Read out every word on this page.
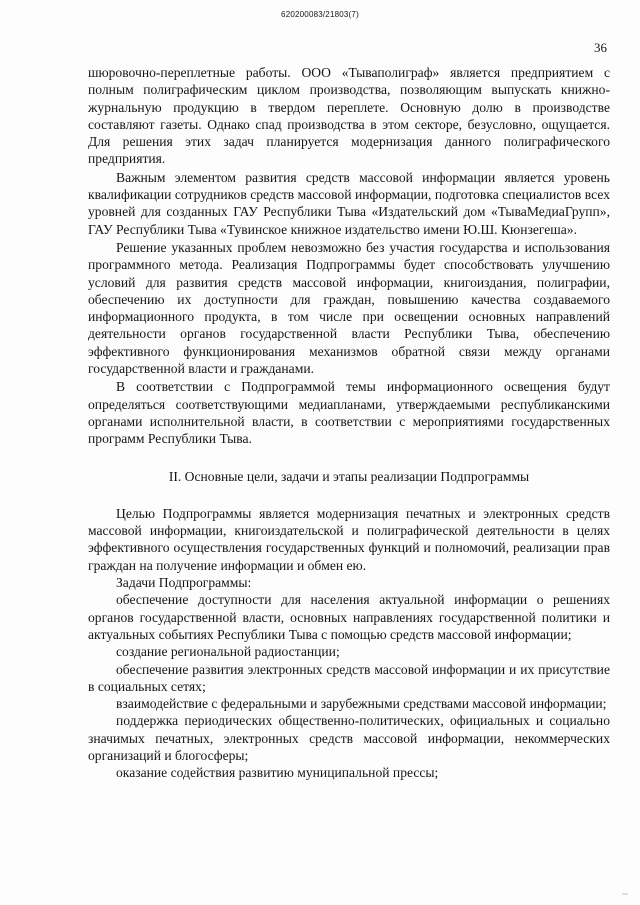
620200083/21803(7)
36

шюровочно-переплетные работы. ООО «Тываполиграф» является предприятием с полным полиграфическим циклом производства, позволяющим выпускать книжно-журнальную продукцию в твердом переплете. Основную долю в производстве составляют газеты. Однако спад производства в этом секторе, безусловно, ощущается. Для решения этих задач планируется модернизация данного полиграфического предприятия.

Важным элементом развития средств массовой информации является уровень квалификации сотрудников средств массовой информации, подготовка специалистов всех уровней для созданных ГАУ Республики Тыва «Издательский дом «ТываМедиаГрупп», ГАУ Республики Тыва «Тувинское книжное издательство имени Ю.Ш. Кюнзегеша».

Решение указанных проблем невозможно без участия государства и использования программного метода. Реализация Подпрограммы будет способствовать улучшению условий для развития средств массовой информации, книгоиздания, полиграфии, обеспечению их доступности для граждан, повышению качества создаваемого информационного продукта, в том числе при освещении основных направлений деятельности органов государственной власти Республики Тыва, обеспечению эффективного функционирования механизмов обратной связи между органами государственной власти и гражданами.

В соответствии с Подпрограммой темы информационного освещения будут определяться соответствующими медиапланами, утверждаемыми республиканскими органами исполнительной власти, в соответствии с мероприятиями государственных программ Республики Тыва.

II. Основные цели, задачи и этапы реализации Подпрограммы

Целью Подпрограммы является модернизация печатных и электронных средств массовой информации, книгоиздательской и полиграфической деятельности в целях эффективного осуществления государственных функций и полномочий, реализации прав граждан на получение информации и обмен ею.

Задачи Подпрограммы:

обеспечение доступности для населения актуальной информации о решениях органов государственной власти, основных направлениях государственной политики и актуальных событиях Республики Тыва с помощью средств массовой информации;

создание региональной радиостанции;

обеспечение развития электронных средств массовой информации и их присутствие в социальных сетях;

взаимодействие с федеральными и зарубежными средствами массовой информации;

поддержка периодических общественно-политических, официальных и социально значимых печатных, электронных средств массовой информации, некоммерческих организаций и блогосферы;

оказание содействия развитию муниципальной прессы;
